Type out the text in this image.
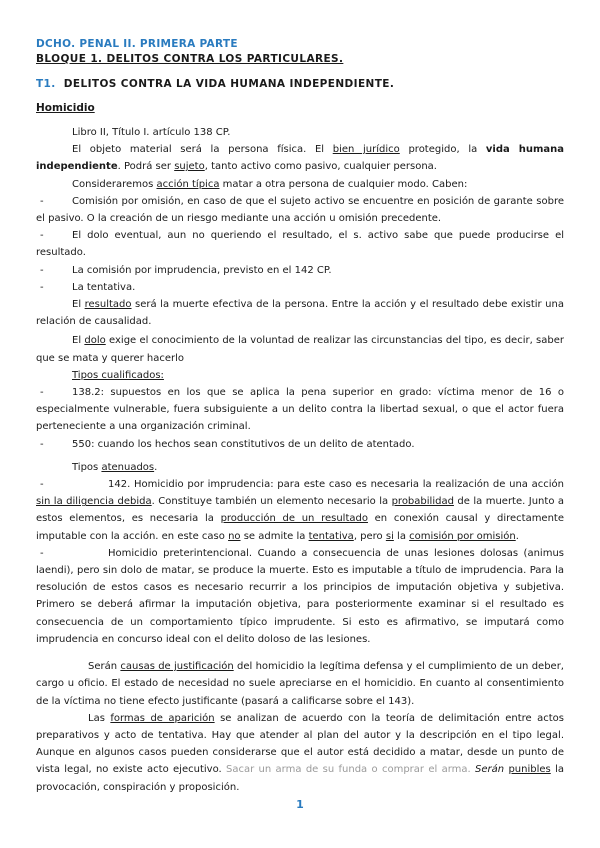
DCHO. PENAL II. PRIMERA PARTE
BLOQUE 1. DELITOS CONTRA LOS PARTICULARES.
T1. DELITOS CONTRA LA VIDA HUMANA INDEPENDIENTE.
Homicidio

Libro II, Título I. artículo 138 CP.

El objeto material será la persona física. El bien jurídico protegido, la vida humana independiente. Podrá ser sujeto, tanto activo como pasivo, cualquier persona.

Consideraremos acción típica matar a otra persona de cualquier modo. Caben:

-	Comisión por omisión, en caso de que el sujeto activo se encuentre en posición de garante sobre el pasivo. O la creación de un riesgo mediante una acción u omisión precedente.
-	El dolo eventual, aun no queriendo el resultado, el s. activo sabe que puede producirse el resultado.
-	La comisión por imprudencia, previsto en el 142 CP.
-	La tentativa.

El resultado será la muerte efectiva de la persona. Entre la acción y el resultado debe existir una relación de causalidad.

El dolo exige el conocimiento de la voluntad de realizar las circunstancias del tipo, es decir, saber que se mata y querer hacerlo

Tipos cualificados:

-	138.2: supuestos en los que se aplica la pena superior en grado: víctima menor de 16 o especialmente vulnerable, fuera subsiguiente a un delito contra la libertad sexual, o que el actor fuera perteneciente a una organización criminal.
-	550: cuando los hechos sean constitutivos de un delito de atentado.

Tipos atenuados.

-	142. Homicidio por imprudencia: para este caso es necesaria la realización de una acción sin la diligencia debida. Constituye también un elemento necesario la probabilidad de la muerte. Junto a estos elementos, es necesaria la producción de un resultado en conexión causal y directamente imputable con la acción. en este caso no se admite la tentativa, pero si la comisión por omisión.

-	Homicidio preterintencional. Cuando a consecuencia de unas lesiones dolosas (animus laendi), pero sin dolo de matar, se produce la muerte. Esto es imputable a título de imprudencia. Para la resolución de estos casos es necesario recurrir a los principios de imputación objetiva y subjetiva. Primero se deberá afirmar la imputación objetiva, para posteriormente examinar si el resultado es consecuencia de un comportamiento típico imprudente. Si esto es afirmativo, se imputará como imprudencia en concurso ideal con el delito doloso de las lesiones.

Serán causas de justificación del homicidio la legítima defensa y el cumplimiento de un deber, cargo u oficio. El estado de necesidad no suele apreciarse en el homicidio. En cuanto al consentimiento de la víctima no tiene efecto justificante (pasará a calificarse sobre el 143).

Las formas de aparición se analizan de acuerdo con la teoría de delimitación entre actos preparativos y acto de tentativa. Hay que atender al plan del autor y la descripción en el tipo legal. Aunque en algunos casos pueden considerarse que el autor está decidido a matar, desde un punto de vista legal, no existe acto ejecutivo. Sacar un arma de su funda o comprar el arma. Serán punibles la provocación, conspiración y proposición.

1
